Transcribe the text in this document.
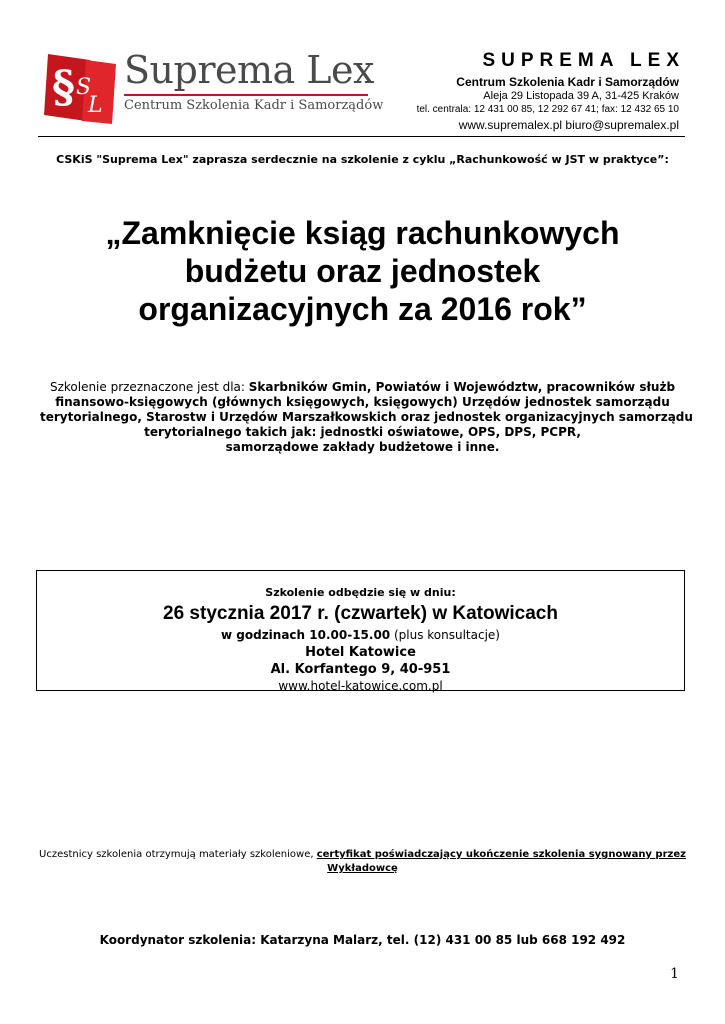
§ S
L
Suprema Lex
Centrum Szkolenia Kadr i Samorządów
SUPREMA LEX
Centrum Szkolenia Kadr i Samorządów
Aleja 29 Listopada 39 A, 31-425 Kraków
tel. centrala: 12 431 00 85, 12 292 67 41; fax: 12 432 65 10
www.supremalex.pl biuro@supremalex.pl
CSKiS "Suprema Lex" zaprasza serdecznie na szkolenie z cyklu „Rachunkowość w JST w praktyce”:
„Zamknięcie ksiąg rachunkowych
budżetu oraz jednostek
organizacyjnych za 2016 rok”
Szkolenie przeznaczone jest dla: Skarbników Gmin, Powiatów i Województw, pracowników służb
finansowo-księgowych (głównych księgowych, księgowych) Urzędów jednostek samorządu
terytorialnego, Starostw i Urzędów Marszałkowskich oraz jednostek organizacyjnych samorządu
terytorialnego takich jak: jednostki oświatowe, OPS, DPS, PCPR,
samorządowe zakłady budżetowe i inne.
Szkolenie odbędzie się w dniu:
26 stycznia 2017 r. (czwartek) w Katowicach
w godzinach 10.00-15.00 (plus konsultacje)
Hotel Katowice
Al. Korfantego 9, 40-951
www.hotel-katowice.com.pl
Uczestnicy szkolenia otrzymują materiały szkoleniowe, certyfikat poświadczający ukończenie szkolenia sygnowany przez
Wykładowcę
Koordynator szkolenia: Katarzyna Malarz, tel. (12) 431 00 85 lub 668 192 492
1
